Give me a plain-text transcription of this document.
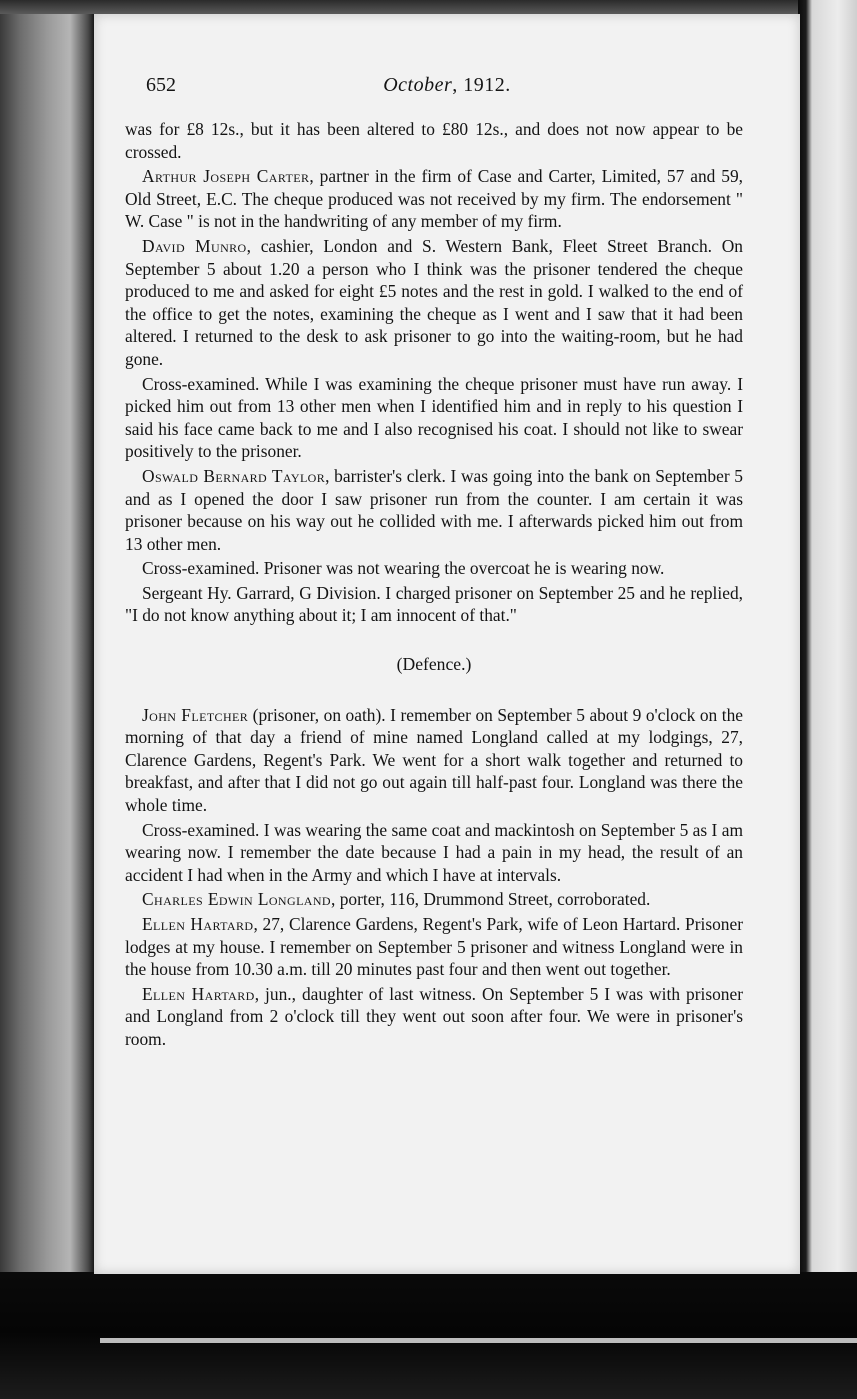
652	October, 1912.

was for £8 12s., but it has been altered to £80 12s., and does not now appear to be crossed.

Arthur Joseph Carter, partner in the firm of Case and Carter, Limited, 57 and 59, Old Street, E.C. The cheque produced was not received by my firm. The endorsement " W. Case " is not in the handwriting of any member of my firm.

David Munro, cashier, London and S. Western Bank, Fleet Street Branch. On September 5 about 1.20 a person who I think was the prisoner tendered the cheque produced to me and asked for eight £5 notes and the rest in gold. I walked to the end of the office to get the notes, examining the cheque as I went and I saw that it had been altered. I returned to the desk to ask prisoner to go into the waiting-room, but he had gone.

Cross-examined. While I was examining the cheque prisoner must have run away. I picked him out from 13 other men when I identified him and in reply to his question I said his face came back to me and I also recognised his coat. I should not like to swear positively to the prisoner.

Oswald Bernard Taylor, barrister's clerk. I was going into the bank on September 5 and as I opened the door I saw prisoner run from the counter. I am certain it was prisoner because on his way out he collided with me. I afterwards picked him out from 13 other men.

Cross-examined. Prisoner was not wearing the overcoat he is wearing now.

Sergeant Hy. Garrard, G Division. I charged prisoner on September 25 and he replied, "I do not know anything about it; I am innocent of that."

(Defence.)

John Fletcher (prisoner, on oath). I remember on September 5 about 9 o'clock on the morning of that day a friend of mine named Longland called at my lodgings, 27, Clarence Gardens, Regent's Park. We went for a short walk together and returned to breakfast, and after that I did not go out again till half-past four. Longland was there the whole time.

Cross-examined. I was wearing the same coat and mackintosh on September 5 as I am wearing now. I remember the date because I had a pain in my head, the result of an accident I had when in the Army and which I have at intervals.

Charles Edwin Longland, porter, 116, Drummond Street, corroborated.

Ellen Hartard, 27, Clarence Gardens, Regent's Park, wife of Leon Hartard. Prisoner lodges at my house. I remember on September 5 prisoner and witness Longland were in the house from 10.30 a.m. till 20 minutes past four and then went out together.

Ellen Hartard, jun., daughter of last witness. On September 5 I was with prisoner and Longland from 2 o'clock till they went out soon after four. We were in prisoner's room.
